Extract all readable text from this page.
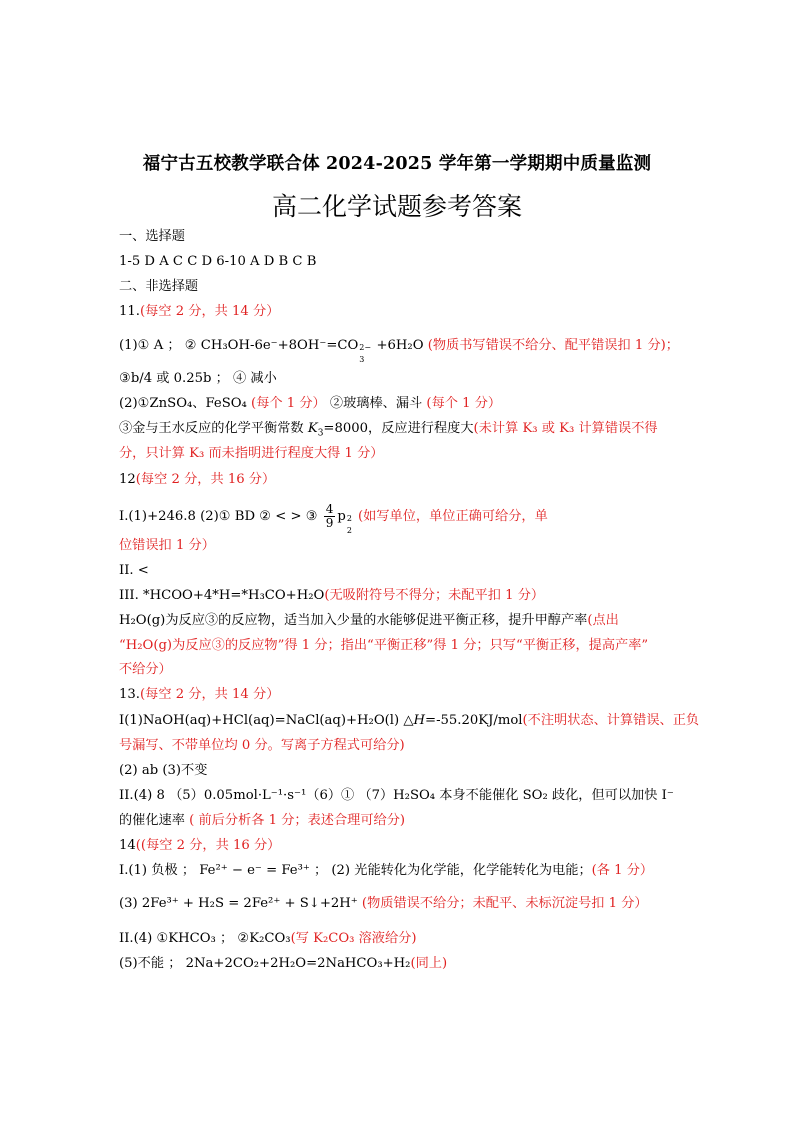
福宁古五校教学联合体 2024-2025 学年第一学期期中质量监测
高二化学试题参考答案
一、选择题
1-5 D A C C D 6-10 A D B C B
二、非选择题
11.(每空 2 分，共 14 分）
(1)① A ； ② CH₃OH-6e⁻+8OH⁻=CO 2−
3
+6H₂O (物质书写错误不给分、配平错误扣 1 分)；
③b/4 或 0.25b ； ④ 减小
(2)①ZnSO₄、FeSO₄ (每个 1 分） ②玻璃棒、漏斗 (每个 1 分）
③金与王水反应的化学平衡常数 $K_3=8000$，反应进行程度大(未计算 K₃ 或 K₃ 计算错误不得
分，只计算 K₃ 而未指明进行程度大得 1 分）
12(每空 2 分，共 16 分）
I.(1)+246.8 (2)① BD ② < > ③ $\frac{4}{9}$ p 2
2
(如写单位，单位正确可给分，单
位错误扣 1 分）
II. <
III. *HCOO+4*H=*H₃CO+H₂O(无吸附符号不得分；未配平扣 1 分）
H₂O(g)为反应③的反应物，适当加入少量的水能够促进平衡正移，提升甲醇产率(点出
“H₂O(g)为反应③的反应物”得 1 分；指出“平衡正移”得 1 分；只写“平衡正移，提高产率”
不给分）
13.(每空 2 分，共 14 分）
I(1)NaOH(aq)+HCl(aq)=NaCl(aq)+H₂O(l) △H=-55.20KJ/mol(不注明状态、计算错误、正负
号漏写、不带单位均 0 分。写离子方程式可给分)
(2) ab (3)不变
II.(4) 8 （5）0.05mol·L⁻¹·s⁻¹（6）① （7）H₂SO₄ 本身不能催化 SO₂ 歧化，但可以加快 I⁻
的催化速率 ( 前后分析各 1 分；表述合理可给分)
14((每空 2 分，共 16 分）
I.(1) 负极 ； Fe²⁺ − e⁻ = Fe³⁺ ； (2) 光能转化为化学能，化学能转化为电能；(各 1 分）
(3) 2Fe³⁺ + H₂S = 2Fe²⁺ + S↓+2H⁺ (物质错误不给分；未配平、未标沉淀号扣 1 分）
II.(4) ①KHCO₃ ； ②K₂CO₃(写 K₂CO₃ 溶液给分)
(5)不能 ； 2Na+2CO₂+2H₂O=2NaHCO₃+H₂(同上)
